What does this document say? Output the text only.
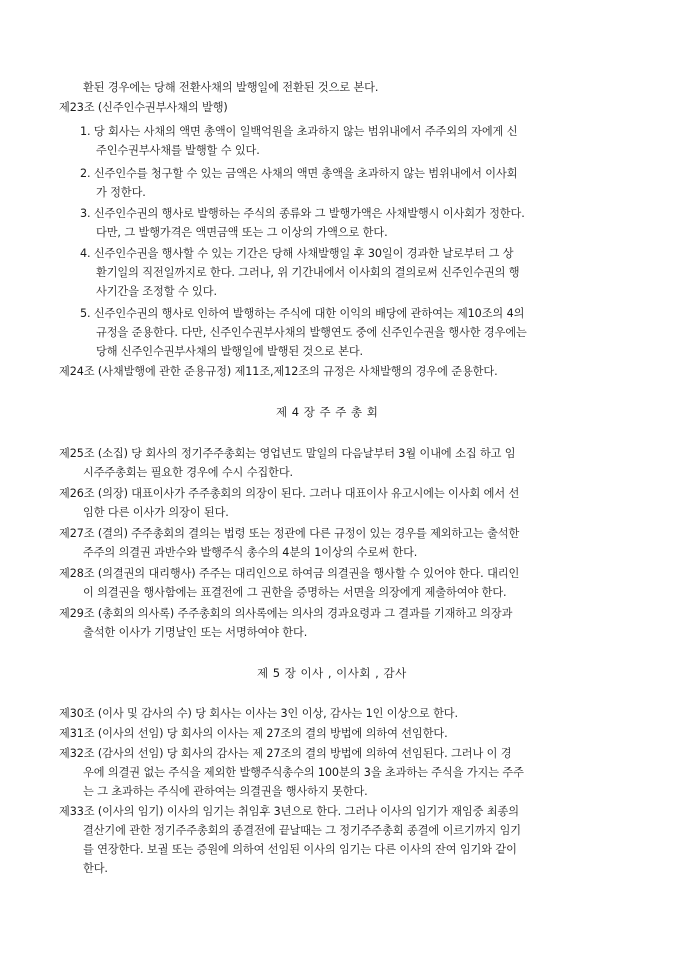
환된 경우에는 당해 전환사채의 발행일에 전환된 것으로 본다.
제23조 (신주인수권부사채의 발행)
1. 당 회사는 사채의 액면 총액이 일백억원을 초과하지 않는 범위내에서 주주외의 자에게 신
주인수권부사채를 발행할 수 있다.
2. 신주인수를 청구할 수 있는 금액은 사채의 액면 총액을 초과하지 않는 범위내에서 이사회
가 정한다.
3. 신주인수권의 행사로 발행하는 주식의 종류와 그 발행가액은 사채발행시 이사회가 정한다.
다만, 그 발행가격은 액면금액 또는 그 이상의 가액으로 한다.
4. 신주인수권을 행사할 수 있는 기간은 당해 사채발행일 후 30일이 경과한 날로부터 그 상
환기일의 직전일까지로 한다. 그러나, 위 기간내에서 이사회의 결의로써 신주인수권의 행
사기간을 조정할 수 있다.
5. 신주인수권의 행사로 인하여 발행하는 주식에 대한 이익의 배당에 관하여는 제10조의 4의
규정을 준용한다. 다만, 신주인수권부사채의 발행연도 중에 신주인수권을 행사한 경우에는
당해 신주인수권부사채의 발행일에 발행된 것으로 본다.
제24조 (사채발행에 관한 준용규정) 제11조,제12조의 규정은 사채발행의 경우에 준용한다.
제 4 장 주 주 총 회
제25조 (소집) 당 회사의 정기주주총회는 영업년도 말일의 다음날부터 3월 이내에 소집 하고 임
시주주총회는 필요한 경우에 수시 수집한다.
제26조 (의장) 대표이사가 주주총회의 의장이 된다. 그러나 대표이사 유고시에는 이사회 에서 선
임한 다른 이사가 의장이 된다.
제27조 (결의) 주주총회의 결의는 법령 또는 정관에 다른 규정이 있는 경우를 제외하고는 출석한
주주의 의결권 과반수와 발행주식 총수의 4분의 1이상의 수로써 한다.
제28조 (의결권의 대리행사) 주주는 대리인으로 하여금 의결권을 행사할 수 있어야 한다. 대리인
이 의결권을 행사함에는 표결전에 그 권한을 증명하는 서면을 의장에게 제출하여야 한다.
제29조 (총회의 의사록) 주주총회의 의사록에는 의사의 경과요령과 그 결과를 기재하고 의장과
출석한 이사가 기명날인 또는 서명하여야 한다.
제 5 장 이사 , 이사회 , 감사
제30조 (이사 및 감사의 수) 당 회사는 이사는 3인 이상, 감사는 1인 이상으로 한다.
제31조 (이사의 선임) 당 회사의 이사는 제 27조의 결의 방법에 의하여 선임한다.
제32조 (감사의 선임) 당 회사의 감사는 제 27조의 결의 방법에 의하여 선임된다. 그러나 이 경
우에 의결권 없는 주식을 제외한 발행주식총수의 100분의 3을 초과하는 주식을 가지는 주주
는 그 초과하는 주식에 관하여는 의결권을 행사하지 못한다.
제33조 (이사의 임기) 이사의 임기는 취임후 3년으로 한다. 그러나 이사의 임기가 재임중 최종의
결산기에 관한 정기주주총회의 종결전에 끝날때는 그 정기주주총회 종결에 이르기까지 임기
를 연장한다. 보궐 또는 증원에 의하여 선임된 이사의 임기는 다른 이사의 잔여 임기와 같이
한다.
